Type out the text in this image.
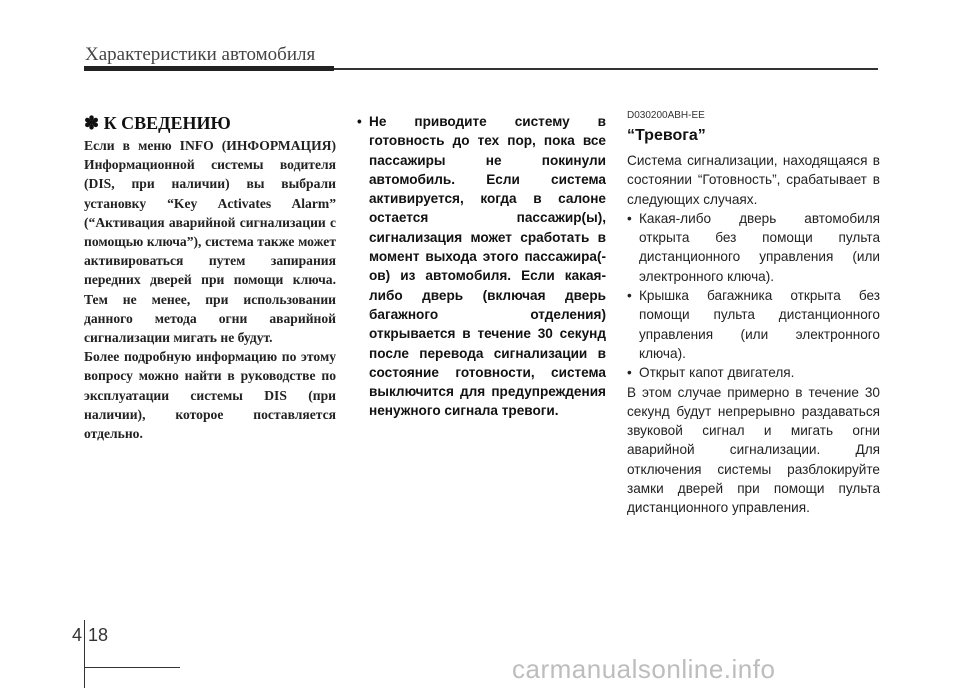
Характеристики автомобиля
✽ К СВЕДЕНИЮ

Если в меню INFO (ИНФОРМАЦИЯ) Информационной системы водителя (DIS, при наличии) вы выбрали установку “Key Activates Alarm” (“Активация аварийной сигнализации с помощью ключа”), система также может активироваться путем запирания передних дверей при помощи ключа. Тем не менее, при использовании данного метода огни аварийной сигнализации мигать не будут.

Более подробную информацию по этому вопросу можно найти в руководстве по эксплуатации системы DIS (при наличии), которое поставляется отдельно.

• Не приводите систему в готовность до тех пор, пока все пассажиры не покинули автомобиль. Если система активируется, когда в салоне остается пассажир(ы), сигнализация может сработать в момент выхода этого пассажира(-ов) из автомобиля. Если какая-либо дверь (включая дверь багажного отделения) открывается в течение 30 секунд после перевода сигнализации в состояние готовности, система выключится для предупреждения ненужного сигнала тревоги.
D030200ABH-EE
“Тревога”

Система сигнализации, находящаяся в состоянии “Готовность”, срабатывает в следующих случаях.

• Какая-либо дверь автомобиля открыта без помощи пульта дистанционного управления (или электронного ключа).
• Крышка багажника открыта без помощи пульта дистанционного управления (или электронного ключа).
• Открыт капот двигателя.

В этом случае примерно в течение 30 секунд будут непрерывно раздаваться звуковой сигнал и мигать огни аварийной сигнализации. Для отключения системы разблокируйте замки дверей при помощи пульта дистанционного управления.

4 18
carmanualsonline.info
